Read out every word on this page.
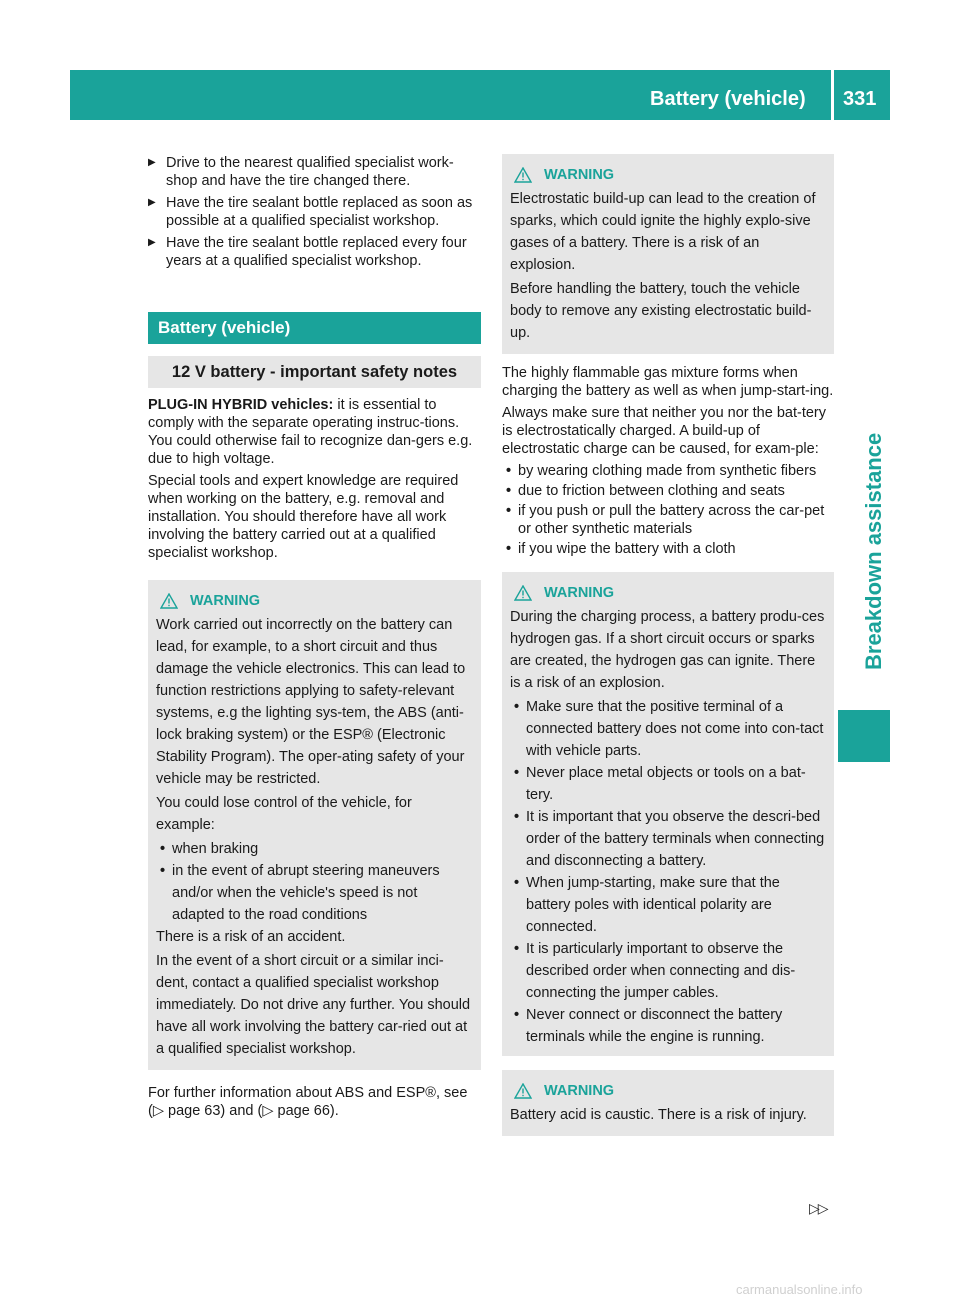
Battery (vehicle) 331
Breakdown assistance
▶ Drive to the nearest qualified specialist work-shop and have the tire changed there.
▶ Have the tire sealant bottle replaced as soon as possible at a qualified specialist workshop.
▶ Have the tire sealant bottle replaced every four years at a qualified specialist workshop.
Battery (vehicle)
12 V battery - important safety notes

PLUG-IN HYBRID vehicles: it is essential to comply with the separate operating instruc-tions. You could otherwise fail to recognize dan-gers e.g. due to high voltage.

Special tools and expert knowledge are required when working on the battery, e.g. removal and installation. You should therefore have all work involving the battery carried out at a qualified specialist workshop.

WARNING

Work carried out incorrectly on the battery can lead, for example, to a short circuit and thus damage the vehicle electronics. This can lead to function restrictions applying to safety-relevant systems, e.g the lighting sys-tem, the ABS (anti-lock braking system) or the ESP® (Electronic Stability Program). The oper-ating safety of your vehicle may be restricted.

You could lose control of the vehicle, for example:

• when braking
• in the event of abrupt steering maneuvers and/or when the vehicle's speed is not adapted to the road conditions

There is a risk of an accident.

In the event of a short circuit or a similar inci-dent, contact a qualified specialist workshop immediately. Do not drive any further. You should have all work involving the battery car-ried out at a qualified specialist workshop.

For further information about ABS and ESP®, see (▷ page 63) and (▷ page 66).

WARNING

Electrostatic build-up can lead to the creation of sparks, which could ignite the highly explo-sive gases of a battery. There is a risk of an explosion.

Before handling the battery, touch the vehicle body to remove any existing electrostatic build-up.

The highly flammable gas mixture forms when charging the battery as well as when jump-start-ing.

Always make sure that neither you nor the bat-tery is electrostatically charged. A build-up of electrostatic charge can be caused, for exam-ple:

• by wearing clothing made from synthetic fibers
• due to friction between clothing and seats
• if you push or pull the battery across the car-pet or other synthetic materials
• if you wipe the battery with a cloth
WARNING

During the charging process, a battery produ-ces hydrogen gas. If a short circuit occurs or sparks are created, the hydrogen gas can ignite. There is a risk of an explosion.

• Make sure that the positive terminal of a connected battery does not come into con-tact with vehicle parts.
• Never place metal objects or tools on a bat-tery.
• It is important that you observe the descri-bed order of the battery terminals when connecting and disconnecting a battery.
• When jump-starting, make sure that the battery poles with identical polarity are connected.
• It is particularly important to observe the described order when connecting and dis-connecting the jumper cables.
• Never connect or disconnect the battery terminals while the engine is running.
WARNING

Battery acid is caustic. There is a risk of injury.

▷▷
carmanualsonline.info
